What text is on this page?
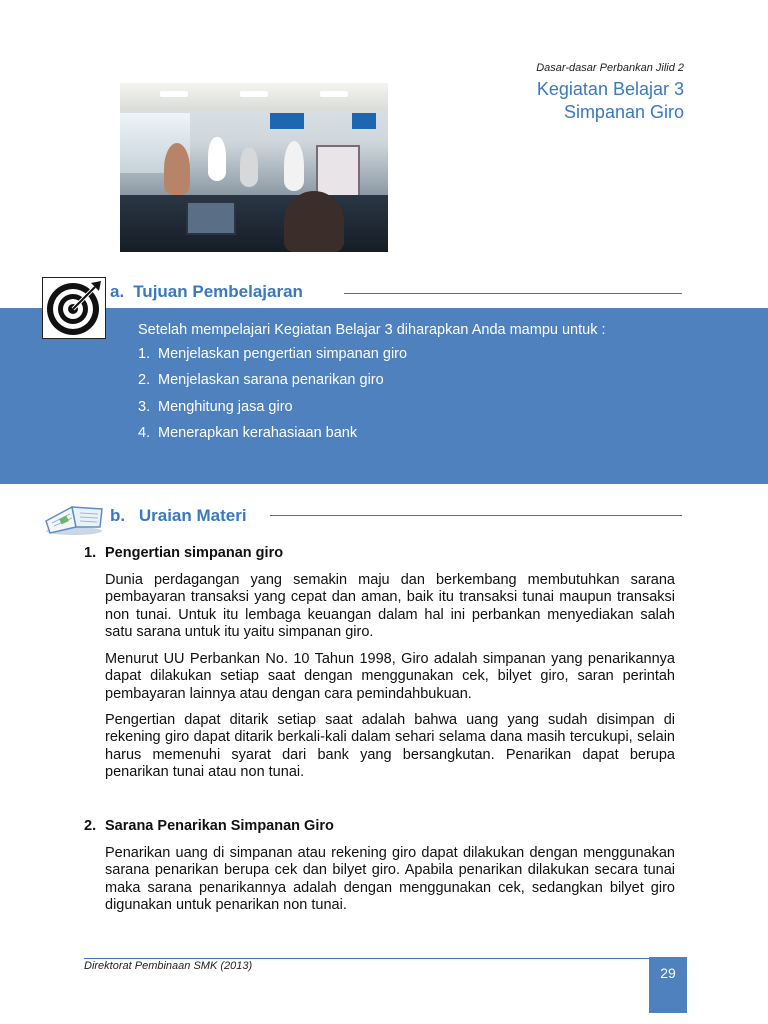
Dasar-dasar Perbankan Jilid 2
Kegiatan Belajar 3
Simpanan Giro
a. Tujuan Pembelajaran
Setelah mempelajari Kegiatan Belajar 3 diharapkan Anda mampu untuk :
1. Menjelaskan pengertian simpanan giro
2. Menjelaskan sarana penarikan giro
3. Menghitung jasa giro
4. Menerapkan kerahasiaan bank
b. Uraian Materi
1. Pengertian simpanan giro

Dunia perdagangan yang semakin maju dan berkembang membutuhkan sarana pembayaran transaksi yang cepat dan aman, baik itu transaksi tunai maupun transaksi non tunai. Untuk itu lembaga keuangan dalam hal ini perbankan menyediakan salah satu sarana untuk itu yaitu simpanan giro.

Menurut UU Perbankan No. 10 Tahun 1998, Giro adalah simpanan yang penarikannya dapat dilakukan setiap saat dengan menggunakan cek, bilyet giro, saran perintah pembayaran lainnya atau dengan cara pemindahbukuan.

Pengertian dapat ditarik setiap saat adalah bahwa uang yang sudah disimpan di rekening giro dapat ditarik berkali-kali dalam sehari selama dana masih tercukupi, selain harus memenuhi syarat dari bank yang bersangkutan. Penarikan dapat berupa penarikan tunai atau non tunai.

2. Sarana Penarikan Simpanan Giro

Penarikan uang di simpanan atau rekening giro dapat dilakukan dengan menggunakan sarana penarikan berupa cek dan bilyet giro. Apabila penarikan dilakukan secara tunai maka sarana penarikannya adalah dengan menggunakan cek, sedangkan bilyet giro digunakan untuk penarikan non tunai.

Direktorat Pembinaan SMK (2013)	29
